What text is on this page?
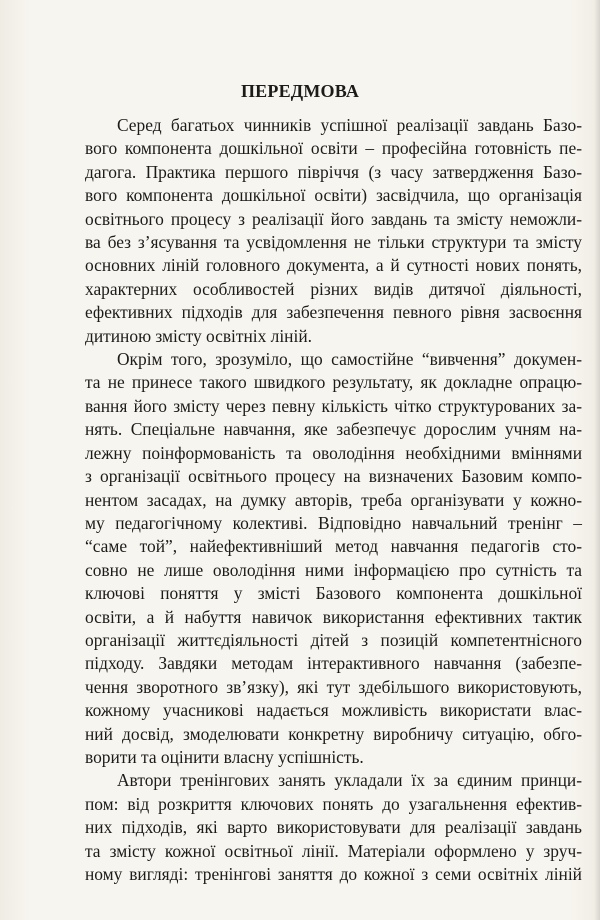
ПЕРЕДМОВА

Серед багатьох чинників успішної реалізації завдань Базо-
вого компонента дошкільної освіти – професійна готовність пе-
дагога. Практика першого півріччя (з часу затвердження Базо-
вого компонента дошкільної освіти) засвідчила, що організація
освітнього процесу з реалізації його завдань та змісту неможли-
ва без з’ясування та усвідомлення не тільки структури та змісту
основних ліній головного документа, а й сутності нових понять,
характерних особливостей різних видів дитячої діяльності,
ефективних підходів для забезпечення певного рівня засвоєння
дитиною змісту освітніх ліній.

Окрім того, зрозуміло, що самостійне “вивчення” докумен-
та не принесе такого швидкого результату, як докладне опрацю-
вання його змісту через певну кількість чітко структурованих за-
нять. Спеціальне навчання, яке забезпечує дорослим учням на-
лежну поінформованість та оволодіння необхідними вміннями
з організації освітнього процесу на визначених Базовим компо-
нентом засадах, на думку авторів, треба організувати у кожно-
му педагогічному колективі. Відповідно навчальний тренінг –
“саме той”, найефективніший метод навчання педагогів сто-
совно не лише оволодіння ними інформацією про сутність та
ключові поняття у змісті Базового компонента дошкільної
освіти, а й набуття навичок використання ефективних тактик
організації життєдіяльності дітей з позицій компетентнісного
підходу. Завдяки методам інтерактивного навчання (забезпе-
чення зворотного зв’язку), які тут здебільшого використовують,
кожному учасникові надається можливість використати влас-
ний досвід, змоделювати конкретну виробничу ситуацію, обго-
ворити та оцінити власну успішність.

Автори тренінгових занять укладали їх за єдиним принци-
пом: від розкриття ключових понять до узагальнення ефектив-
них підходів, які варто використовувати для реалізації завдань
та змісту кожної освітньої лінії. Матеріали оформлено у зруч-
ному вигляді: тренінгові заняття до кожної з семи освітніх ліній
